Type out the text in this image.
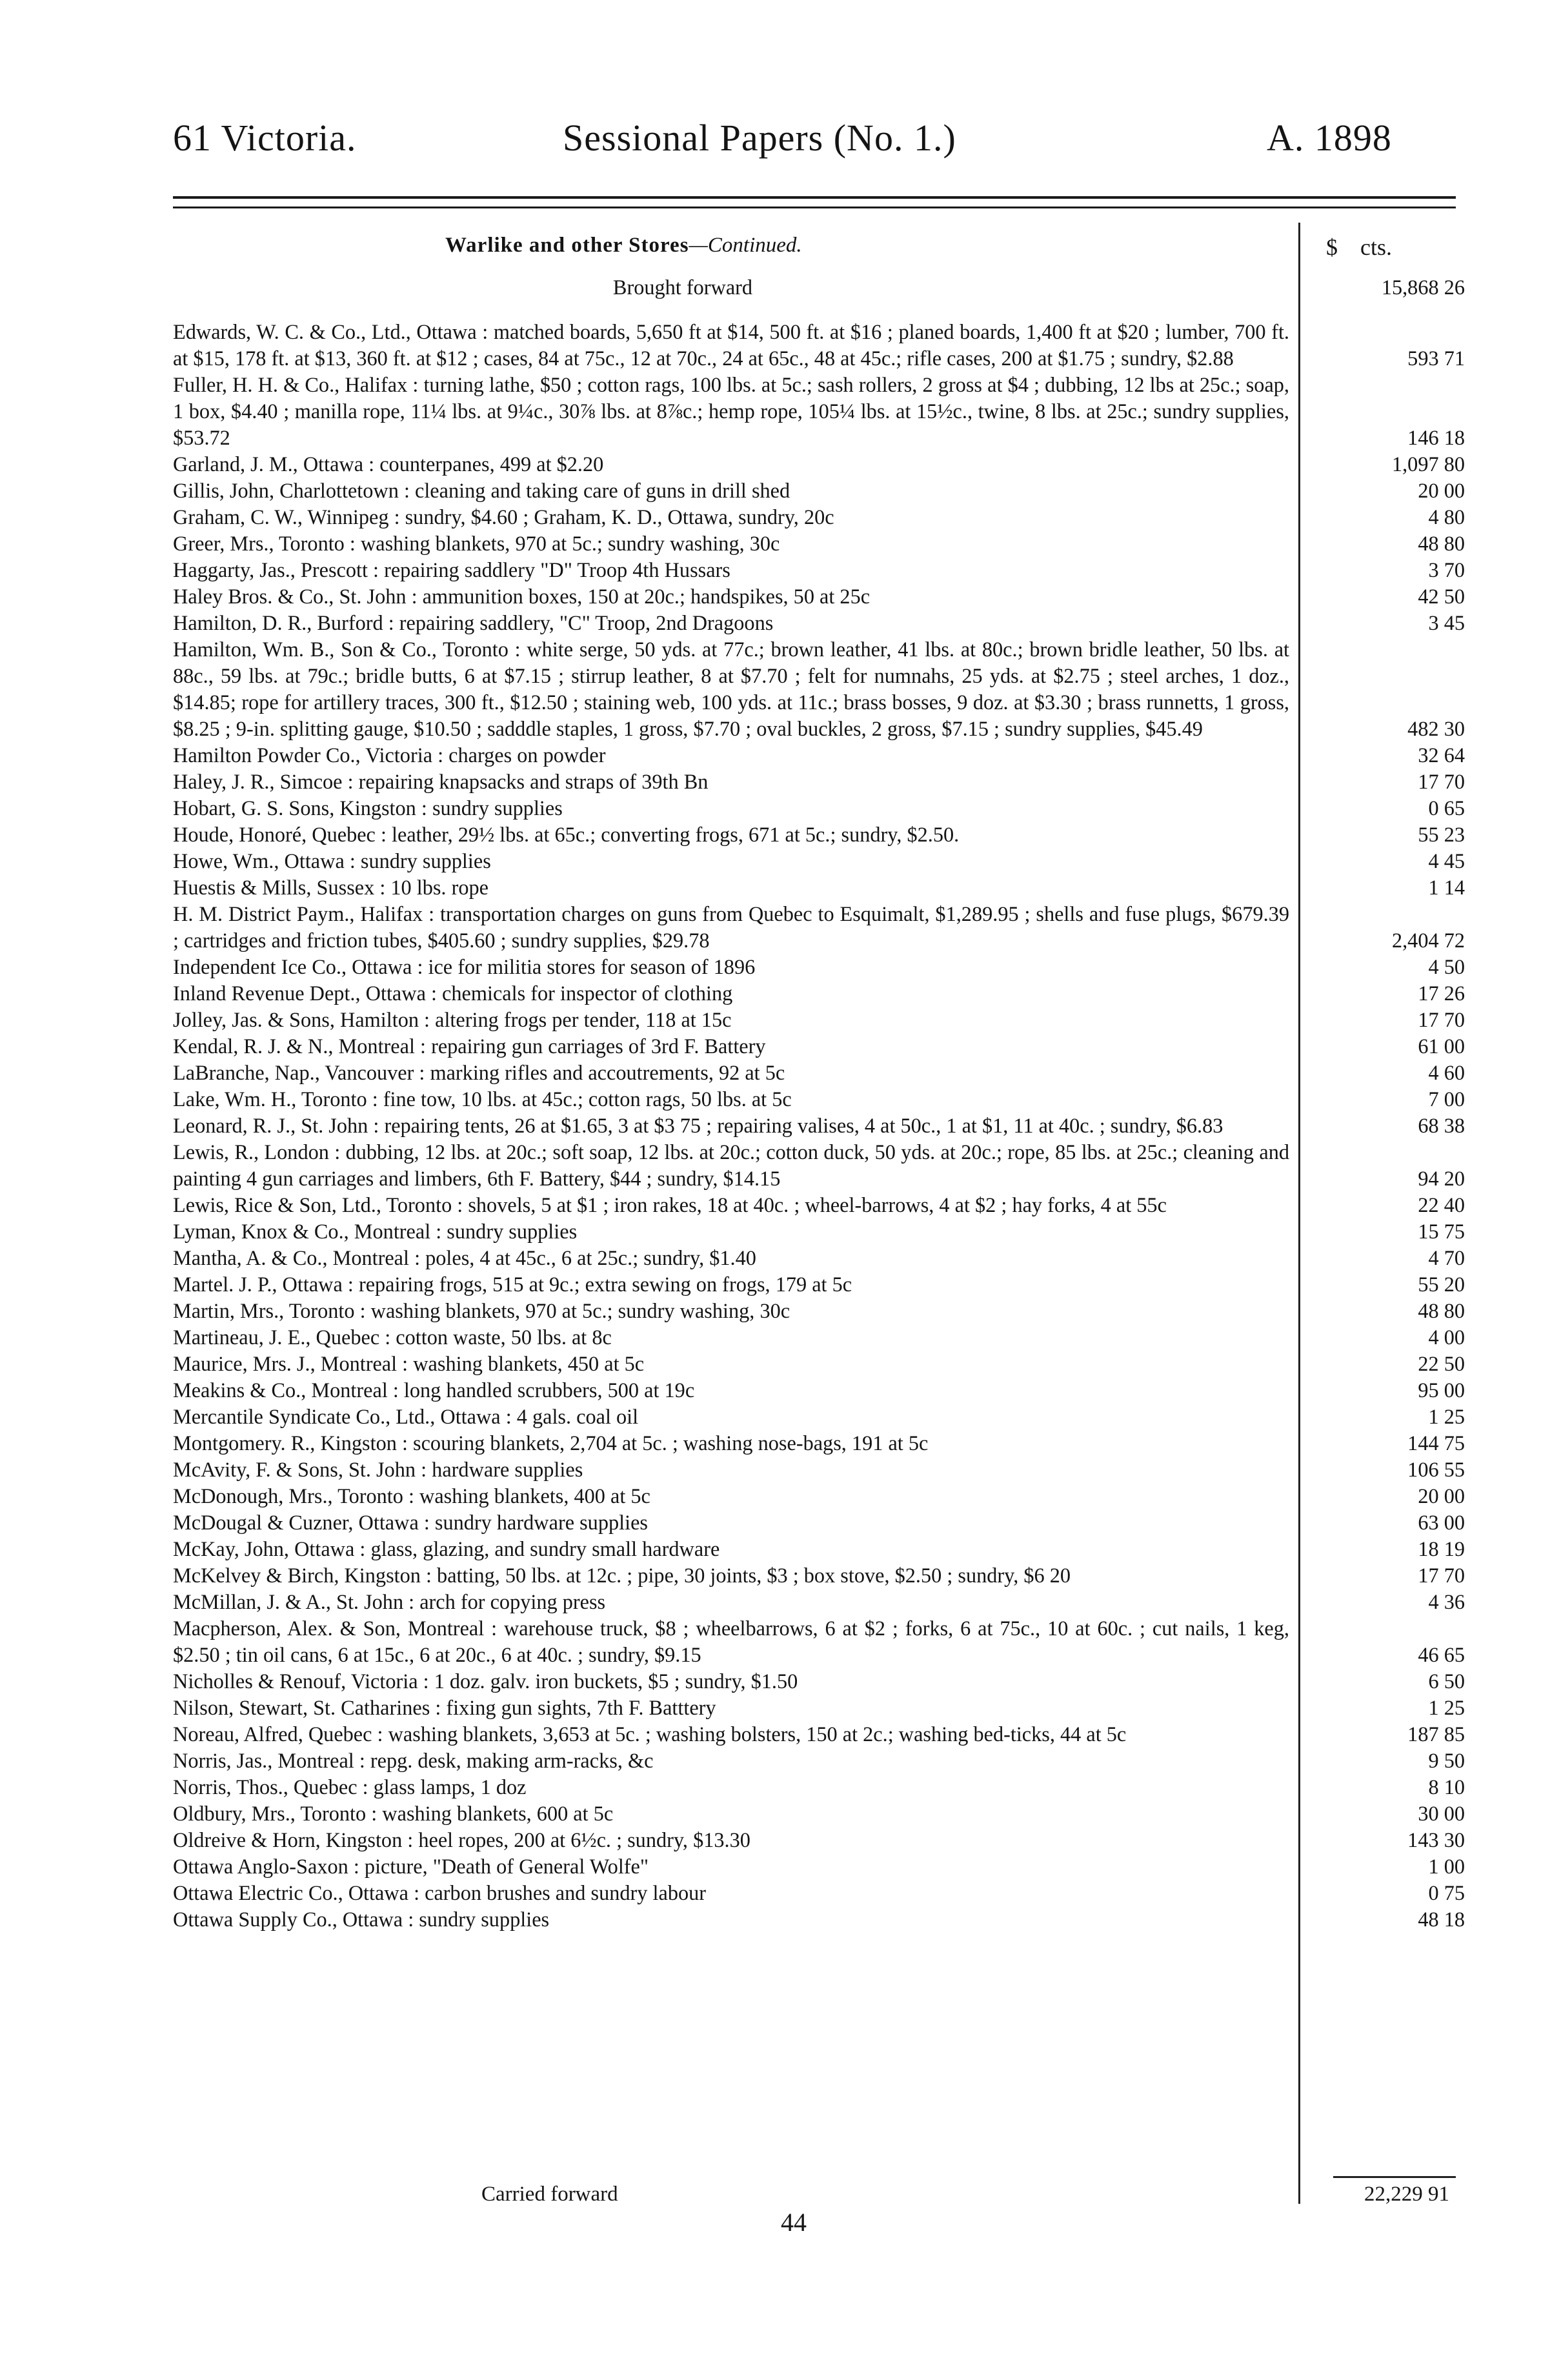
61 Victoria.	Sessional Papers (No. 1.)	A. 1898
Warlike and other Stores—Continued.	$ cts.
Brought forward	15,868 26
Edwards, W. C. & Co., Ltd., Ottawa : matched boards, 5,650 ft at $14, 500 ft. at $16 ; planed boards, 1,400 ft at $20 ; lumber, 700 ft. at $15, 178 ft. at $13, 360 ft. at $12 ; cases, 84 at 75c., 12 at 70c., 24 at 65c., 48 at 45c.; rifle cases, 200 at $1.75 ; sundry, $2.88	593 71
Fuller, H. H. & Co., Halifax : turning lathe, $50 ; cotton rags, 100 lbs. at 5c.; sash rollers, 2 gross at $4 ; dubbing, 12 lbs at 25c.; soap, 1 box, $4.40 ; manilla rope, 11¼ lbs. at 9¼c., 30⅞ lbs. at 8⅞c.; hemp rope, 105¼ lbs. at 15½c., twine, 8 lbs. at 25c.; sundry supplies, $53.72	146 18
Garland, J. M., Ottawa : counterpanes, 499 at $2.20	1,097 80
Gillis, John, Charlottetown : cleaning and taking care of guns in drill shed	20 00
Graham, C. W., Winnipeg : sundry, $4.60 ; Graham, K. D., Ottawa, sundry, 20c	4 80
Greer, Mrs., Toronto : washing blankets, 970 at 5c.; sundry washing, 30c	48 80
Haggarty, Jas., Prescott : repairing saddlery "D" Troop 4th Hussars	3 70
Haley Bros. & Co., St. John : ammunition boxes, 150 at 20c.; handspikes, 50 at 25c	42 50
Hamilton, D. R., Burford : repairing saddlery, "C" Troop, 2nd Dragoons	3 45
Hamilton, Wm. B., Son & Co., Toronto : white serge, 50 yds. at 77c.; brown leather, 41 lbs. at 80c.; brown bridle leather, 50 lbs. at 88c., 59 lbs. at 79c.; bridle butts, 6 at $7.15 ; stirrup leather, 8 at $7.70 ; felt for numnahs, 25 yds. at $2.75 ; steel arches, 1 doz., $14.85; rope for artillery traces, 300 ft., $12.50 ; staining web, 100 yds. at 11c.; brass bosses, 9 doz. at $3.30 ; brass runnetts, 1 gross, $8.25 ; 9-in. splitting gauge, $10.50 ; sadddle staples, 1 gross, $7.70 ; oval buckles, 2 gross, $7.15 ; sundry supplies, $45.49	482 30
Hamilton Powder Co., Victoria : charges on powder	32 64
Haley, J. R., Simcoe : repairing knapsacks and straps of 39th Bn	17 70
Hobart, G. S. Sons, Kingston : sundry supplies	0 65
Houde, Honoré, Quebec : leather, 29½ lbs. at 65c.; converting frogs, 671 at 5c.; sundry, $2.50.	55 23
Howe, Wm., Ottawa : sundry supplies	4 45
Huestis & Mills, Sussex : 10 lbs. rope	1 14
H. M. District Paym., Halifax : transportation charges on guns from Quebec to Esquimalt, $1,289.95 ; shells and fuse plugs, $679.39 ; cartridges and friction tubes, $405.60 ; sundry supplies, $29.78	2,404 72
Independent Ice Co., Ottawa : ice for militia stores for season of 1896	4 50
Inland Revenue Dept., Ottawa : chemicals for inspector of clothing	17 26
Jolley, Jas. & Sons, Hamilton : altering frogs per tender, 118 at 15c	17 70
Kendal, R. J. & N., Montreal : repairing gun carriages of 3rd F. Battery	61 00
LaBranche, Nap., Vancouver : marking rifles and accoutrements, 92 at 5c	4 60
Lake, Wm. H., Toronto : fine tow, 10 lbs. at 45c.; cotton rags, 50 lbs. at 5c	7 00
Leonard, R. J., St. John : repairing tents, 26 at $1.65, 3 at $3 75 ; repairing valises, 4 at 50c., 1 at $1, 11 at 40c. ; sundry, $6.83	68 38
Lewis, R., London : dubbing, 12 lbs. at 20c.; soft soap, 12 lbs. at 20c.; cotton duck, 50 yds. at 20c.; rope, 85 lbs. at 25c.; cleaning and painting 4 gun carriages and limbers, 6th F. Battery, $44 ; sundry, $14.15	94 20
Lewis, Rice & Son, Ltd., Toronto : shovels, 5 at $1 ; iron rakes, 18 at 40c. ; wheel-barrows, 4 at $2 ; hay forks, 4 at 55c	22 40
Lyman, Knox & Co., Montreal : sundry supplies	15 75
Mantha, A. & Co., Montreal : poles, 4 at 45c., 6 at 25c.; sundry, $1.40	4 70
Martel. J. P., Ottawa : repairing frogs, 515 at 9c.; extra sewing on frogs, 179 at 5c	55 20
Martin, Mrs., Toronto : washing blankets, 970 at 5c.; sundry washing, 30c	48 80
Martineau, J. E., Quebec : cotton waste, 50 lbs. at 8c	4 00
Maurice, Mrs. J., Montreal : washing blankets, 450 at 5c	22 50
Meakins & Co., Montreal : long handled scrubbers, 500 at 19c	95 00
Mercantile Syndicate Co., Ltd., Ottawa : 4 gals. coal oil	1 25
Montgomery. R., Kingston : scouring blankets, 2,704 at 5c. ; washing nose-bags, 191 at 5c	144 75
McAvity, F. & Sons, St. John : hardware supplies	106 55
McDonough, Mrs., Toronto : washing blankets, 400 at 5c	20 00
McDougal & Cuzner, Ottawa : sundry hardware supplies	63 00
McKay, John, Ottawa : glass, glazing, and sundry small hardware	18 19
McKelvey & Birch, Kingston : batting, 50 lbs. at 12c. ; pipe, 30 joints, $3 ; box stove, $2.50 ; sundry, $6 20	17 70
McMillan, J. & A., St. John : arch for copying press	4 36
Macpherson, Alex. & Son, Montreal : warehouse truck, $8 ; wheelbarrows, 6 at $2 ; forks, 6 at 75c., 10 at 60c. ; cut nails, 1 keg, $2.50 ; tin oil cans, 6 at 15c., 6 at 20c., 6 at 40c. ; sundry, $9.15	46 65
Nicholles & Renouf, Victoria : 1 doz. galv. iron buckets, $5 ; sundry, $1.50	6 50
Nilson, Stewart, St. Catharines : fixing gun sights, 7th F. Batttery	1 25
Noreau, Alfred, Quebec : washing blankets, 3,653 at 5c. ; washing bolsters, 150 at 2c.; washing bed-ticks, 44 at 5c	187 85
Norris, Jas., Montreal : repg. desk, making arm-racks, &c	9 50
Norris, Thos., Quebec : glass lamps, 1 doz	8 10
Oldbury, Mrs., Toronto : washing blankets, 600 at 5c	30 00
Oldreive & Horn, Kingston : heel ropes, 200 at 6½c. ; sundry, $13.30	143 30
Ottawa Anglo-Saxon : picture, "Death of General Wolfe"	1 00
Ottawa Electric Co., Ottawa : carbon brushes and sundry labour	0 75
Ottawa Supply Co., Ottawa : sundry supplies	48 18
Carried forward	22,229 91
44
